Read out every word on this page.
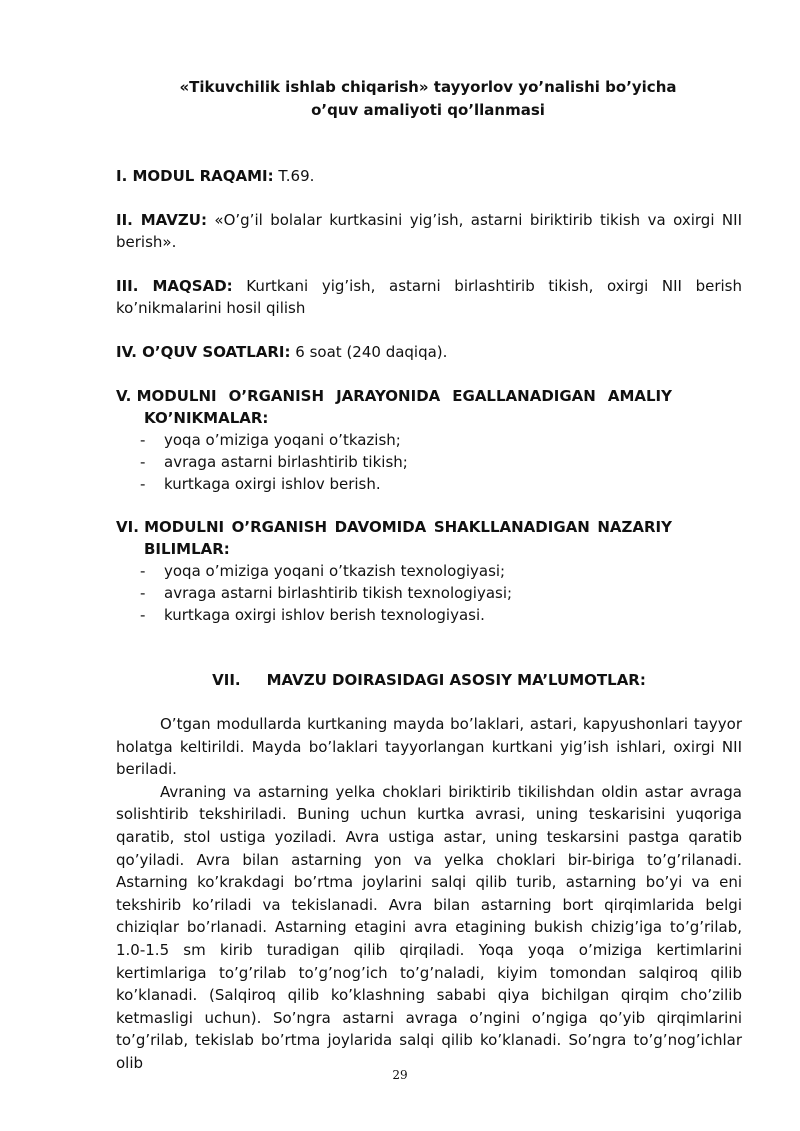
«Tikuvchilik ishlab chiqarish» tayyorlov yo’nalishi bo’yicha
o’quv amaliyoti qo’llanmasi
I. MODUL RAQAMI: T.69.
II. MAVZU: «O’g’il bolalar kurtkasini yig’ish, astarni biriktirib tikish va oxirgi NII berish».
III. MAQSAD: Kurtkani yig’ish, astarni birlashtirib tikish, oxirgi NII berish ko’nikmalarini hosil qilish
IV. O’QUV SOATLARI: 6 soat (240 daqiqa).
V. MODULNI O’RGANISH JARAYONIDA EGALLANADIGAN AMALIY
KO’NIKMALAR:
- yoqa o’miziga yoqani o’tkazish;
- avraga astarni birlashtirib tikish;
- kurtkaga oxirgi ishlov berish.
VI. MODULNI O’RGANISH DAVOMIDA SHAKLLANADIGAN NAZARIY
BILIMLAR:
- yoqa o’miziga yoqani o’tkazish texnologiyasi;
- avraga astarni birlashtirib tikish texnologiyasi;
- kurtkaga oxirgi ishlov berish texnologiyasi.
VII. MAVZU DOIRASIDAGI ASOSIY MA’LUMOTLAR:

O’tgan modullarda kurtkaning mayda bo’laklari, astari, kapyushonlari tayyor holatga keltirildi. Mayda bo’laklari tayyorlangan kurtkani yig’ish ishlari, oxirgi NII beriladi.

Avraning va astarning yelka choklari biriktirib tikilishdan oldin astar avraga solishtirib tekshiriladi. Buning uchun kurtka avrasi, uning teskarisini yuqoriga qaratib, stol ustiga yoziladi. Avra ustiga astar, uning teskarsini pastga qaratib qo’yiladi. Avra bilan astarning yon va yelka choklari bir-biriga to’g’rilanadi. Astarning ko’krakdagi bo’rtma joylarini salqi qilib turib, astarning bo’yi va eni tekshirib ko’riladi va tekislanadi. Avra bilan astarning bort qirqimlarida belgi chiziqlar bo’rlanadi. Astarning etagini avra etagining bukish chizig’iga to’g’rilab, 1.0-1.5 sm kirib turadigan qilib qirqiladi. Yoqa yoqa o’miziga kertimlarini kertimlariga to’g’rilab to’g’nog’ich to’g’naladi, kiyim tomondan salqiroq qilib ko’klanadi. (Salqiroq qilib ko’klashning sababi qiya bichilgan qirqim cho’zilib ketmasligi uchun). So’ngra astarni avraga o’ngini o’ngiga qo’yib qirqimlarini to’g’rilab, tekislab bo’rtma joylarida salqi qilib ko’klanadi. So’ngra to’g’nog’ichlar olib

29
